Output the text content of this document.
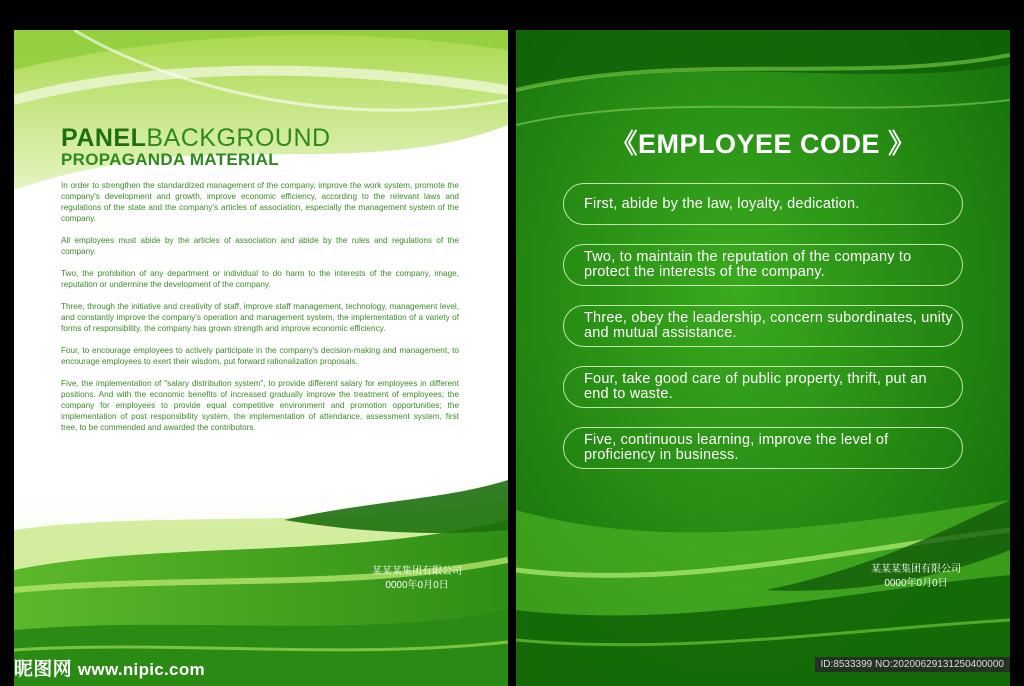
PANELBACKGROUND
PROPAGANDA MATERIAL

In order to strengthen the standardized management of the company, improve the work system, promote the company's development and growth, improve economic efficiency, according to the relevant laws and regulations of the state and the company's articles of association, especially the management system of the company.

All employees must abide by the articles of association and abide by the rules and regulations of the company.

Two, the prohibition of any department or individual to do harm to the interests of the company, image, reputation or undermine the development of the company.

Three, through the initiative and creativity of staff, improve staff management, technology, management level, and constantly improve the company's operation and management system, the implementation of a variety of forms of responsibility, the company has grown strength and improve economic efficiency.

Four, to encourage employees to actively participate in the company's decision-making and management, to encourage employees to exert their wisdom, put forward rationalization proposals.

Five, the implementation of "salary distribution system", to provide different salary for employees in different positions. And with the economic benefits of increased gradually improve the treatment of employees; the company for employees to provide equal competitive environment and promotion opportunities; the implementation of post responsibility system, the implementation of attendance, assessment system, first tree, to be commended and awarded the contributors.

某某某集团有限公司
0000年0月0日
《EMPLOYEE CODE 》
First, abide by the law, loyalty, dedication.
Two, to maintain the reputation of the company to protect the interests of the company.
Three, obey the leadership, concern subordinates, unity and mutual assistance.
Four, take good care of public property, thrift, put an end to waste.
Five, continuous learning, improve the level of proficiency in business.
某某某集团有限公司
0000年0月0日
昵图网 www.nipic.com	ID:8533399 NO:20200629131250400000
